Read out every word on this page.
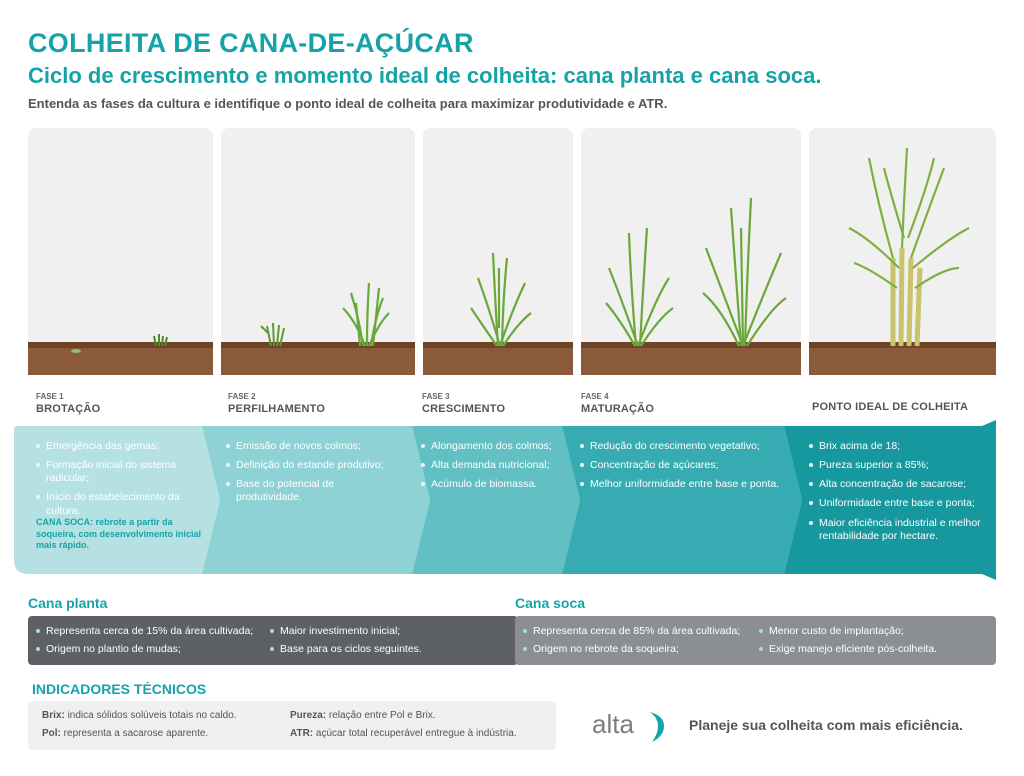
COLHEITA DE CANA-DE-AÇÚCAR
Ciclo de crescimento e momento ideal de colheita: cana planta e cana soca.
Entenda as fases da cultura e identifique o ponto ideal de colheita para maximizar produtividade e ATR.
FASE 1
BROTAÇÃO
FASE 2
PERFILHAMENTO
FASE 3
CRESCIMENTO
FASE 4
MATURAÇÃO	PONTO IDEAL DE COLHEITA
Emergência das gemas;
Formação inicial do sistema radicular;
Início do estabelecimento da cultura.
CANA SOCA: rebrote a partir da soqueira, com desenvolvimento inicial mais rápido.
Emissão de novos colmos;
Definição do estande produtivo;
Base do potencial de produtividade.
Alongamento dos colmos;
Alta demanda nutricional;
Acúmulo de biomassa.
Redução do crescimento vegetativo;
Concentração de açúcares;
Melhor uniformidade entre base e ponta.
Brix acima de 18;
Pureza superior a 85%;
Alta concentração de sacarose;
Uniformidade entre base e ponta;
Maior eficiência industrial e melhor rentabilidade por hectare.
Cana planta	Cana soca
Representa cerca de 15% da área cultivada;	Maior investimento inicial;
Origem no plantio de mudas;	Base para os ciclos seguintes.
Representa cerca de 85% da área cultivada;	Menor custo de implantação;
Origem no rebrote da soqueira;	Exige manejo eficiente pós-colheita.
INDICADORES TÉCNICOS
Brix: indica sólidos solúveis totais no caldo.	Pureza: relação entre Pol e Brix.
Pol: representa a sacarose aparente.	ATR: açúcar total recuperável entregue à indústria.	alta	Planeje sua colheita com mais eficiência.
